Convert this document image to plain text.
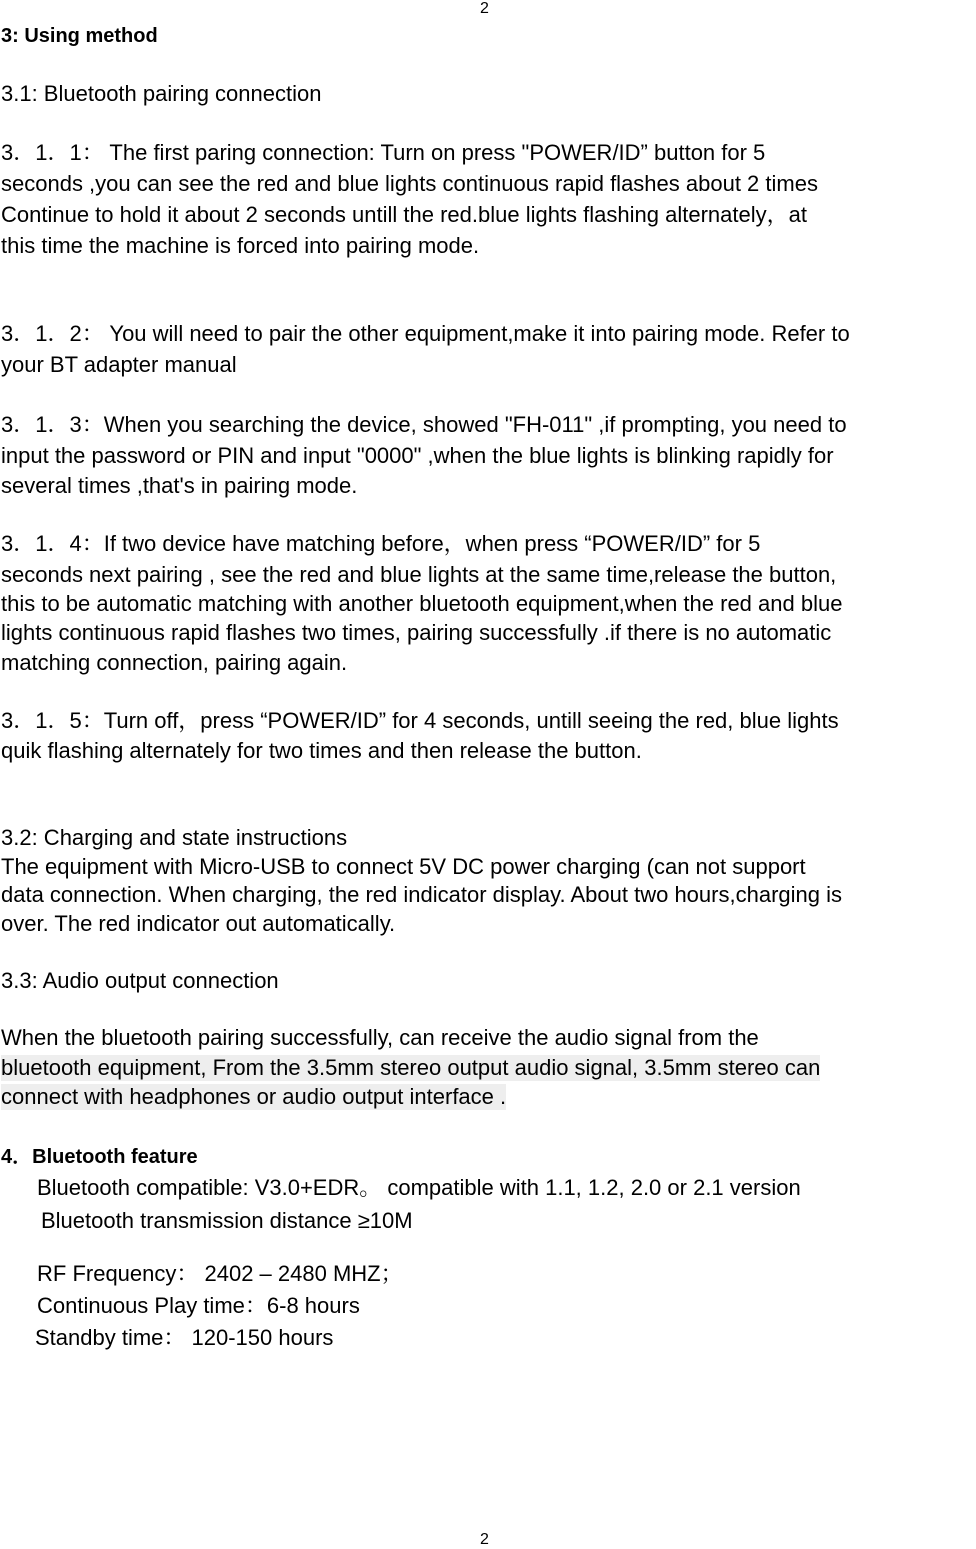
2
3: Using method
3.1: Bluetooth pairing connection
3．1．1： The first paring connection: Turn on press "POWER/ID” button for 5
seconds ,you can see the red and blue lights continuous rapid flashes about 2 times
Continue to hold it about 2 seconds untill the red.blue lights flashing alternately，at
this time the machine is forced into pairing mode.
3．1．2： You will need to pair the other equipment,make it into pairing mode. Refer to
your BT adapter manual
3．1．3：When you searching the device, showed "FH-011" ,if prompting, you need to
input the password or PIN and input "0000" ,when the blue lights is blinking rapidly for
several times ,that's in pairing mode.
3．1．4：If two device have matching before，when press “POWER/ID” for 5
seconds next pairing , see the red and blue lights at the same time,release the button,
this to be automatic matching with another bluetooth equipment,when the red and blue
lights continuous rapid flashes two times, pairing successfully .if there is no automatic
matching connection, pairing again.
3．1．5：Turn off，press “POWER/ID” for 4 seconds, untill seeing the red, blue lights
quik flashing alternately for two times and then release the button.
3.2: Charging and state instructions
The equipment with Micro-USB to connect 5V DC power charging (can not support
data connection. When charging, the red indicator display. About two hours,charging is
over. The red indicator out automatically.
3.3: Audio output connection
When the bluetooth pairing successfully, can receive the audio signal from the
bluetooth equipment, From the 3.5mm stereo output audio signal, 3.5mm stereo can
connect with headphones or audio output interface .
4．Bluetooth feature
Bluetooth compatible: V3.0+EDR。 compatible with 1.1, 1.2, 2.0 or 2.1 version
Bluetooth transmission distance ≥10M
RF Frequency： 2402 – 2480 MHZ；
Continuous Play time：6-8 hours
Standby time： 120-150 hours
2
